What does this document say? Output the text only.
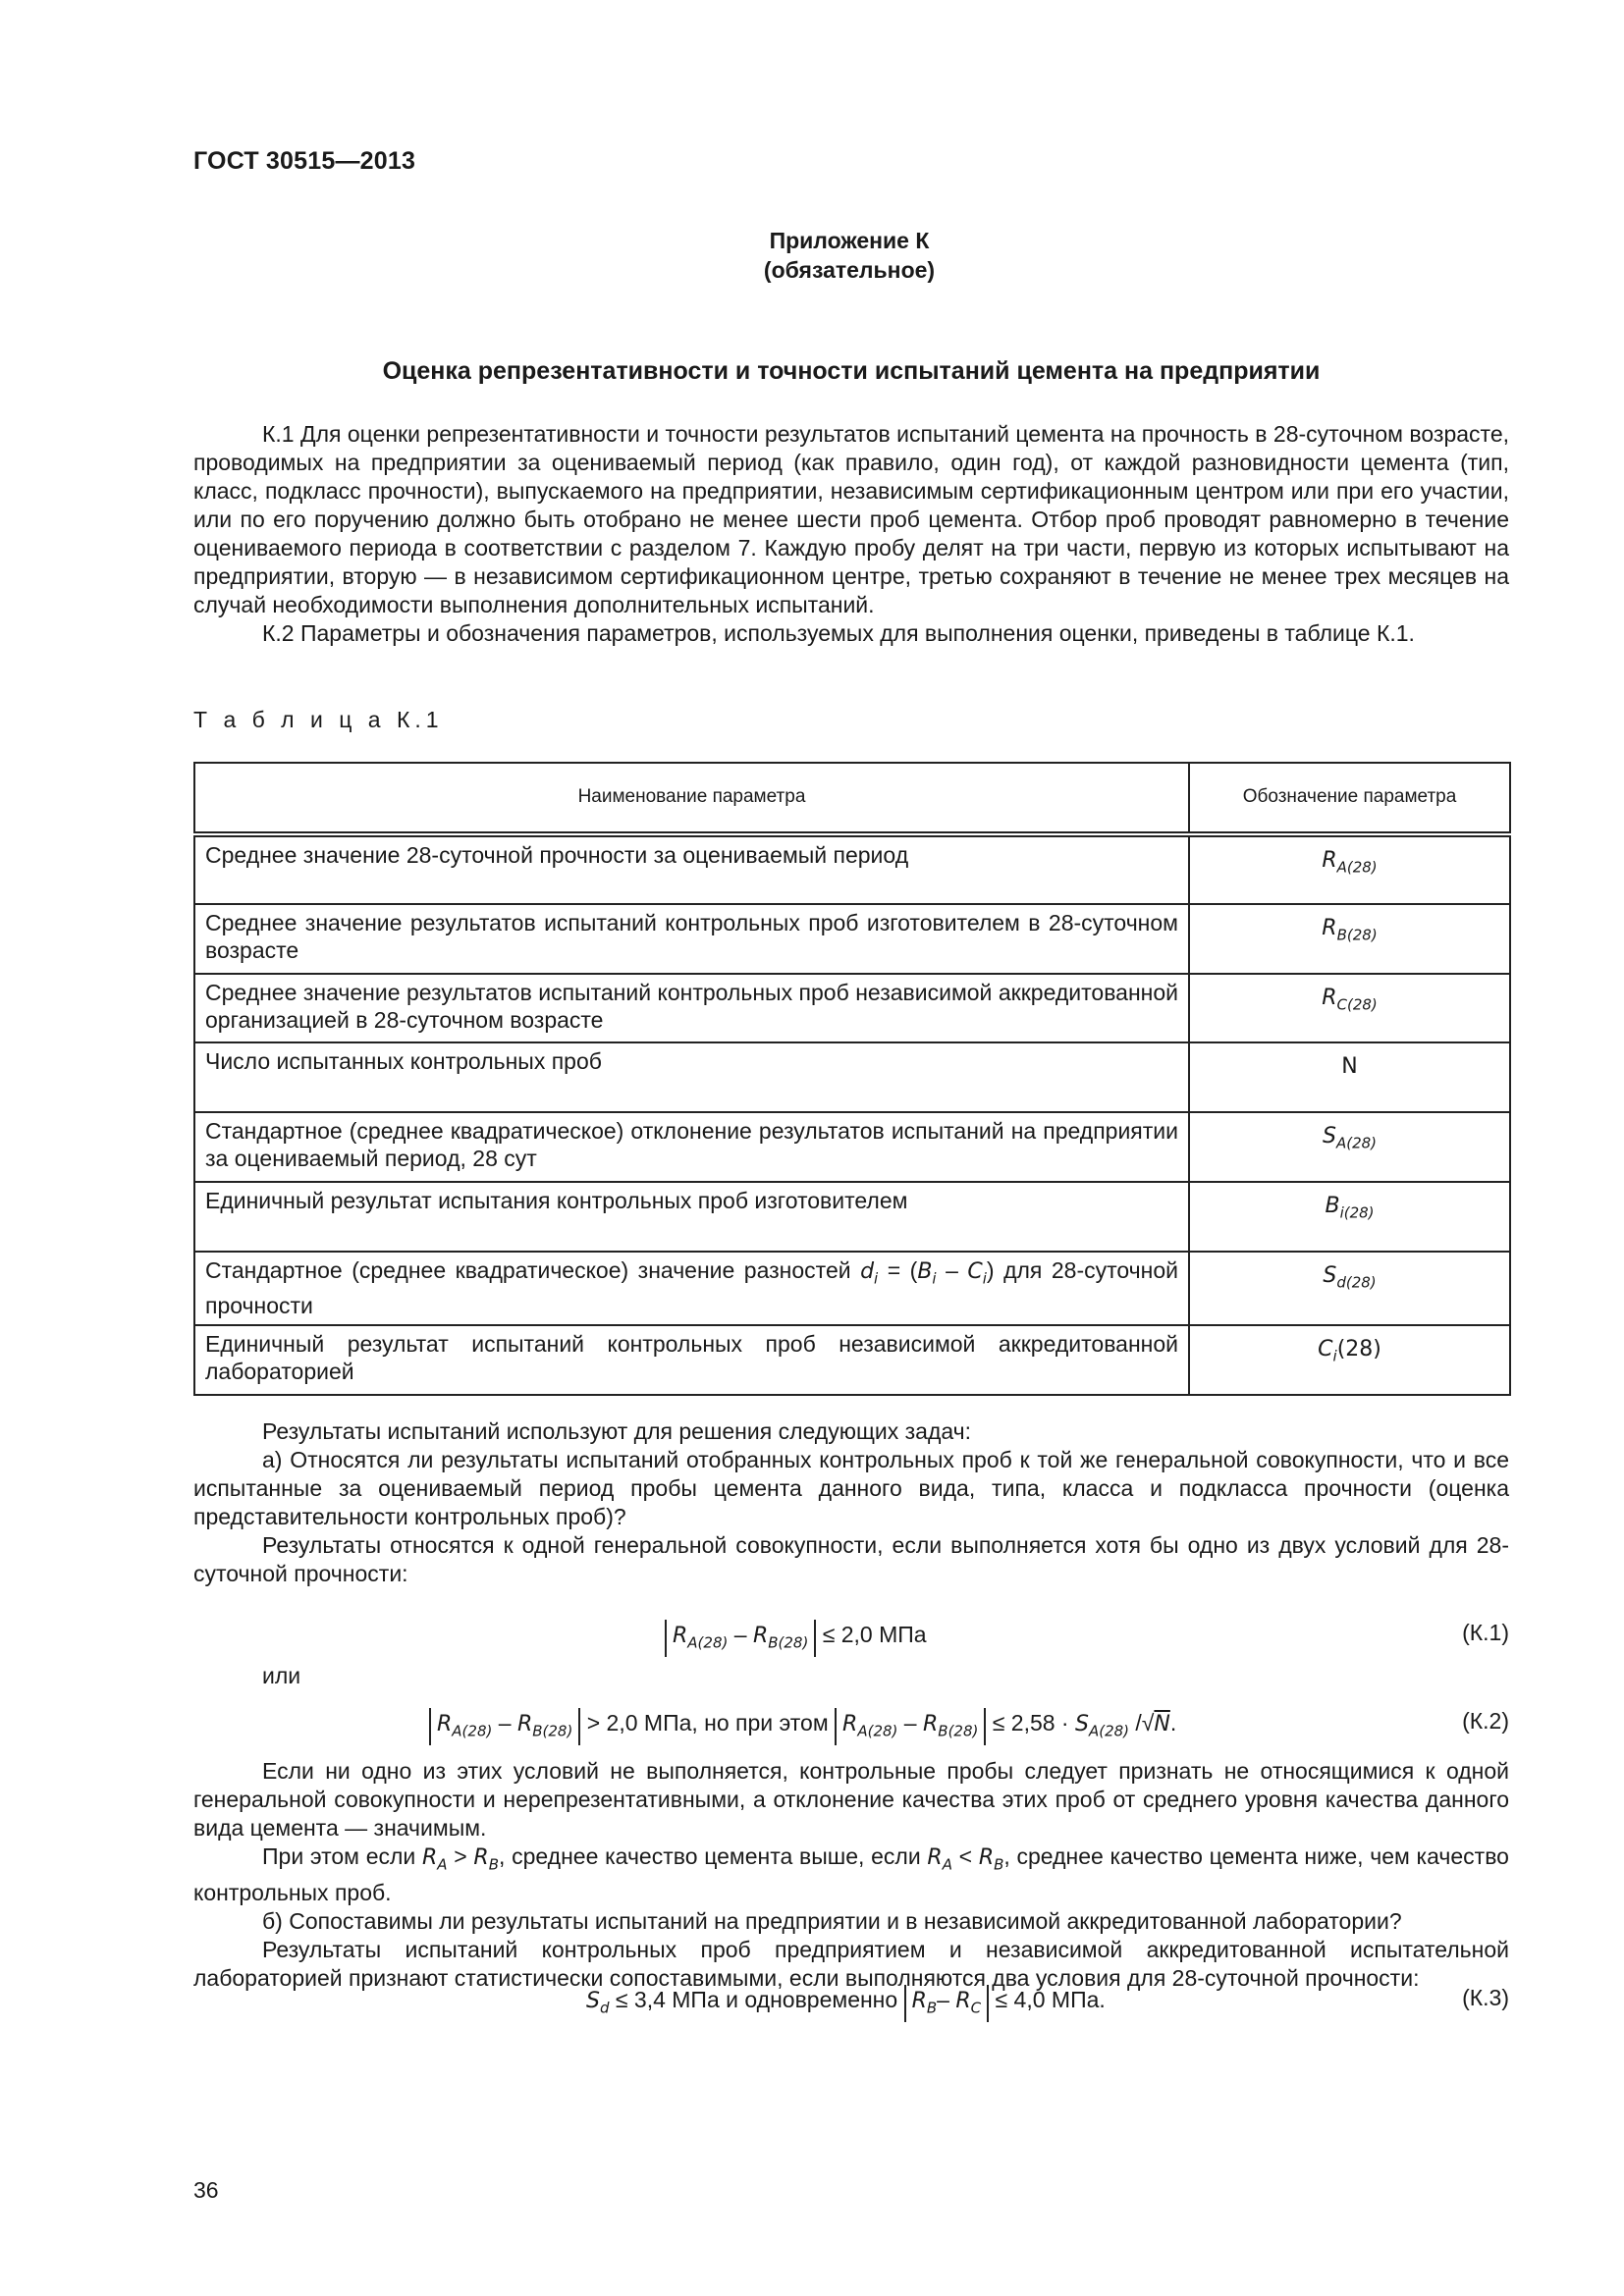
ГОСТ 30515—2013
Приложение К
(обязательное)
Оценка репрезентативности и точности испытаний цемента на предприятии

К.1 Для оценки репрезентативности и точности результатов испытаний цемента на прочность в 28-суточном возрасте, проводимых на предприятии за оцениваемый период (как правило, один год), от каждой разновидности цемента (тип, класс, подкласс прочности), выпускаемого на предприятии, независимым сертификационным центром или при его участии, или по его поручению должно быть отобрано не менее шести проб цемента. Отбор проб проводят равномерно в течение оцениваемого периода в соответствии с разделом 7. Каждую пробу делят на три части, первую из которых испытывают на предприятии, вторую — в независимом сертификационном центре, третью сохраняют в течение не менее трех месяцев на случай необходимости выполнения дополнительных испытаний.

К.2 Параметры и обозначения параметров, используемых для выполнения оценки, приведены в таблице К.1.

Т а б л и ц а К.1
Наименование параметра	Обозначение параметра
Среднее значение 28-суточной прочности за оцениваемый период	$R_{A(28)}$
Среднее значение результатов испытаний контрольных проб изготовителем в 28-суточном возрасте	$R_{B(28)}$
Среднее значение результатов испытаний контрольных проб независимой аккредитованной организацией в 28-суточном возрасте	$R_{C(28)}$
Число испытанных контрольных проб	N
Стандартное (среднее квадратическое) отклонение результатов испытаний на предприятии за оцениваемый период, 28 сут	$S_{A(28)}$
Единичный результат испытания контрольных проб изготовителем	$B_{i(28)}$
Стандартное (среднее квадратическое) значение разностей $d_i = (B_i - C_i)$ для 28-суточной прочности	$S_{d(28)}$
Единичный результат испытаний контрольных проб независимой аккредитованной лабораторией	$C_i(28)$

Результаты испытаний используют для решения следующих задач:

а) Относятся ли результаты испытаний отобранных контрольных проб к той же генеральной совокупности, что и все испытанные за оцениваемый период пробы цемента данного вида, типа, класса и подкласса прочности (оценка представительности контрольных проб)?

Результаты относятся к одной генеральной совокупности, если выполняется хотя бы одно из двух условий для 28-суточной прочности:

$R_{A(28)} - R_{B(28)} \le 2,0$ МПа	(К.1)
или
$R_{A(28)} - R_{B(28)} > 2,0$ МПа, но при этом $R_{A(28)} - R_{B(28)} \le 2,58 \cdot S_{A(28)}$ /√N.	(К.2)

Если ни одно из этих условий не выполняется, контрольные пробы следует признать не относящимися к одной генеральной совокупности и нерепрезентативными, а отклонение качества этих проб от среднего уровня качества данного вида цемента — значимым.

При этом если $R_A > R_B$, среднее качество цемента выше, если $R_A < R_B$, среднее качество цемента ниже, чем качество контрольных проб.

б) Сопоставимы ли результаты испытаний на предприятии и в независимой аккредитованной лаборатории?

Результаты испытаний контрольных проб предприятием и независимой аккредитованной испытательной лабораторией признают статистически сопоставимыми, если выполняются два условия для 28-суточной прочности:

$S_d \le 3,4$ МПа и одновременно $R_B-$ $R_C \le 4,0$ МПа.	(К.3)
36
